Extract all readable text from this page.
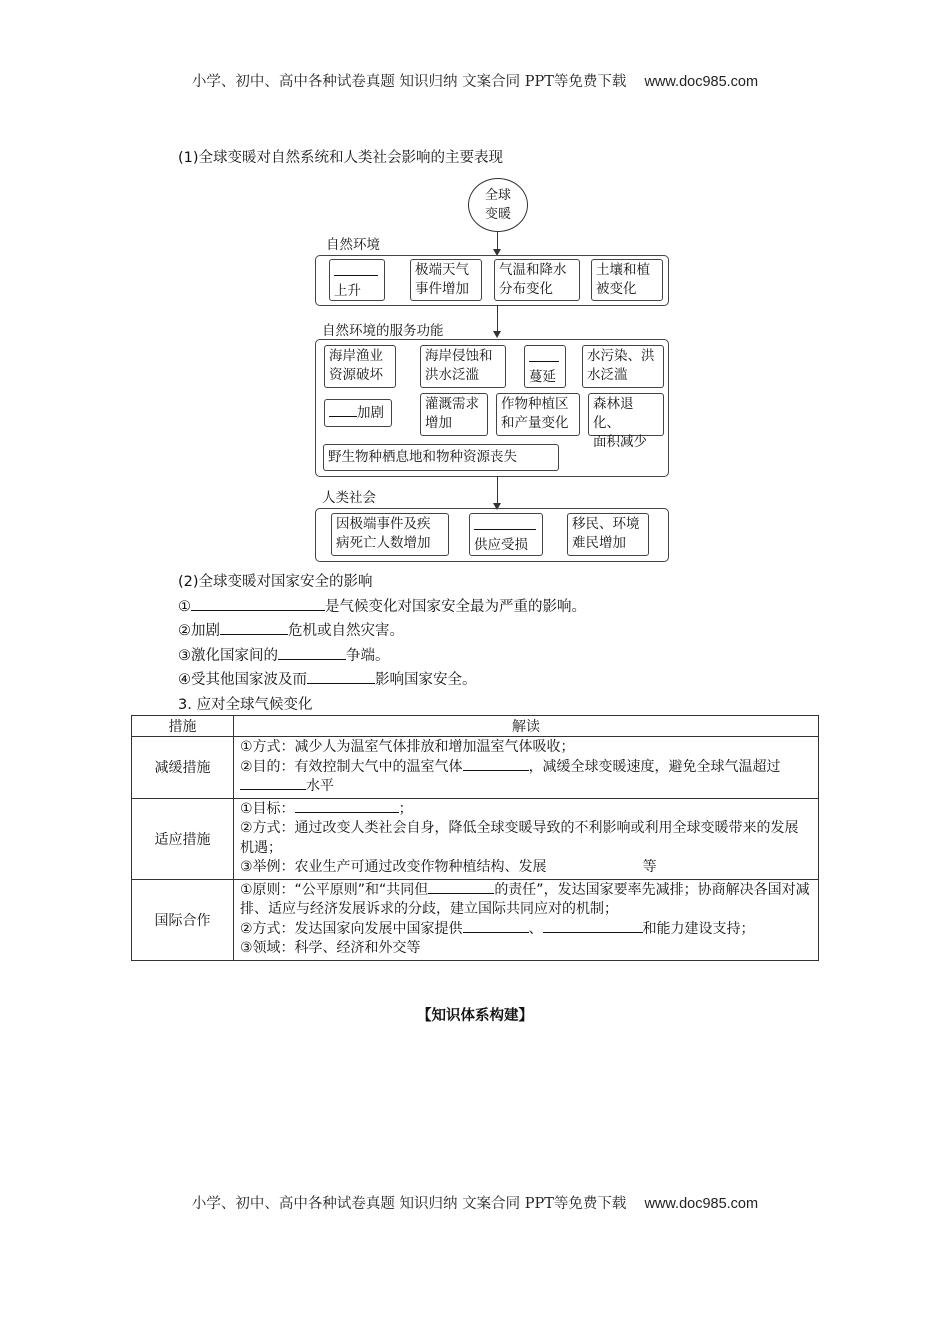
小学、初中、高中各种试卷真题 知识归纳 文案合同 PPT等免费下载 www.doc985.com
小学、初中、高中各种试卷真题 知识归纳 文案合同 PPT等免费下载 www.doc985.com
(1)全球变暖对自然系统和人类社会影响的主要表现
全球
变暖
自然环境

上升
极端天气
事件增加
气温和降水
分布变化
土壤和植
被变化
自然环境的服务功能
海岸渔业
资源破坏
海岸侵蚀和
洪水泛滥	蔓延
水污染、洪
水泛滥
加剧
灌溉需求
增加
作物种植区
和产量变化
森林退化、
面积减少
野生物种栖息地和物种资源丧失
人类社会
因极端事件及疾
病死亡人数增加	供应受损
移民、环境
难民增加
(2)全球变暖对国家安全的影响
①	是气候变化对国家安全最为严重的影响。
②加剧	危机或自然灾害。
③激化国家间的	争端。
④受其他国家波及而	影响国家安全。
3. 应对全球气候变化
措施	解读
减缓措施	①方式：减少人为温室气体排放和增加温室气体吸收；
②目的：有效控制大气中的温室气体 ，减缓全球变暖速度，避免全球气温超过水平

适应措施	①目标： ；
②方式：通过改变人类社会自身，降低全球变暖导致的不利影响或利用全球变暖带来的发展机遇；
③举例：农业生产可通过改变作物种植结构、发展 等

国际合作	①原则：“公平原则”和“共同但 的责任”，发达国家要率先减排；协商解决各国对减排、适应与经济发展诉求的分歧，建立国际共同应对的机制；
②方式：发达国家向发展中国家提供 、 和能力建设支持；
③领域：科学、经济和外交等
【知识体系构建】
